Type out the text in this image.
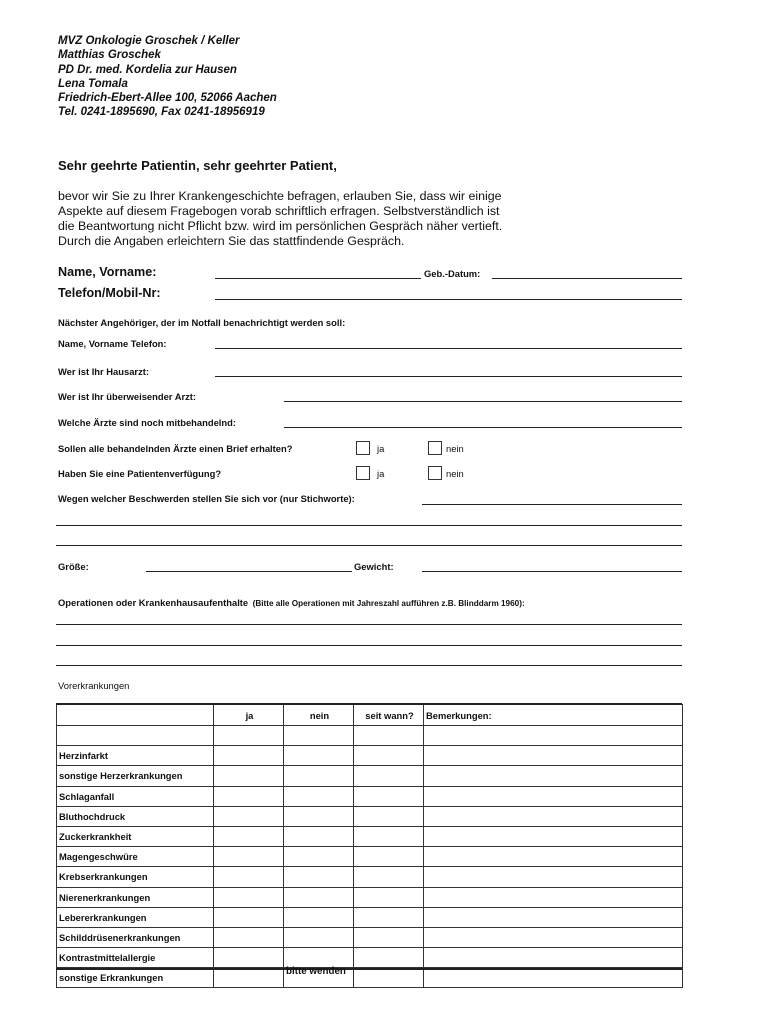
MVZ Onkologie Groschek / Keller
Matthias Groschek
PD Dr. med. Kordelia zur Hausen
Lena Tomala
Friedrich-Ebert-Allee 100, 52066 Aachen
Tel. 0241-1895690, Fax 0241-18956919
Sehr geehrte Patientin, sehr geehrter Patient,
bevor wir Sie zu Ihrer Krankengeschichte befragen, erlauben Sie, dass wir einige
Aspekte auf diesem Fragebogen vorab schriftlich erfragen. Selbstverständlich ist
die Beantwortung nicht Pflicht bzw. wird im persönlichen Gespräch näher vertieft.
Durch die Angaben erleichtern Sie das stattfindende Gespräch.
Name, Vorname:	Geb.-Datum:
Telefon/Mobil-Nr:
Nächster Angehöriger, der im Notfall benachrichtigt werden soll:
Name, Vorname Telefon:
Wer ist Ihr Hausarzt:
Wer ist Ihr überweisender Arzt:
Welche Ärzte sind noch mitbehandelnd:
Sollen alle behandelnden Ärzte einen Brief erhalten?	ja	nein
Haben Sie eine Patientenverfügung?	ja	nein
Wegen welcher Beschwerden stellen Sie sich vor (nur Stichworte):
Größe:	Gewicht:
Operationen oder Krankenhausaufenthalte (Bitte alle Operationen mit Jahreszahl aufführen z.B. Blinddarm 1960):
Vorerkrankungen
	ja	nein	seit wann?	Bemerkungen:

Herzinfarkt				
sonstige Herzerkrankungen				
Schlaganfall				
Bluthochdruck				
Zuckerkrankheit				
Magengeschwüre				
Krebserkrankungen				
Nierenerkrankungen				
Lebererkrankungen				
Schilddrüsenerkrankungen				
Kontrastmittelallergie				
sonstige Erkrankungen				
bitte wenden
